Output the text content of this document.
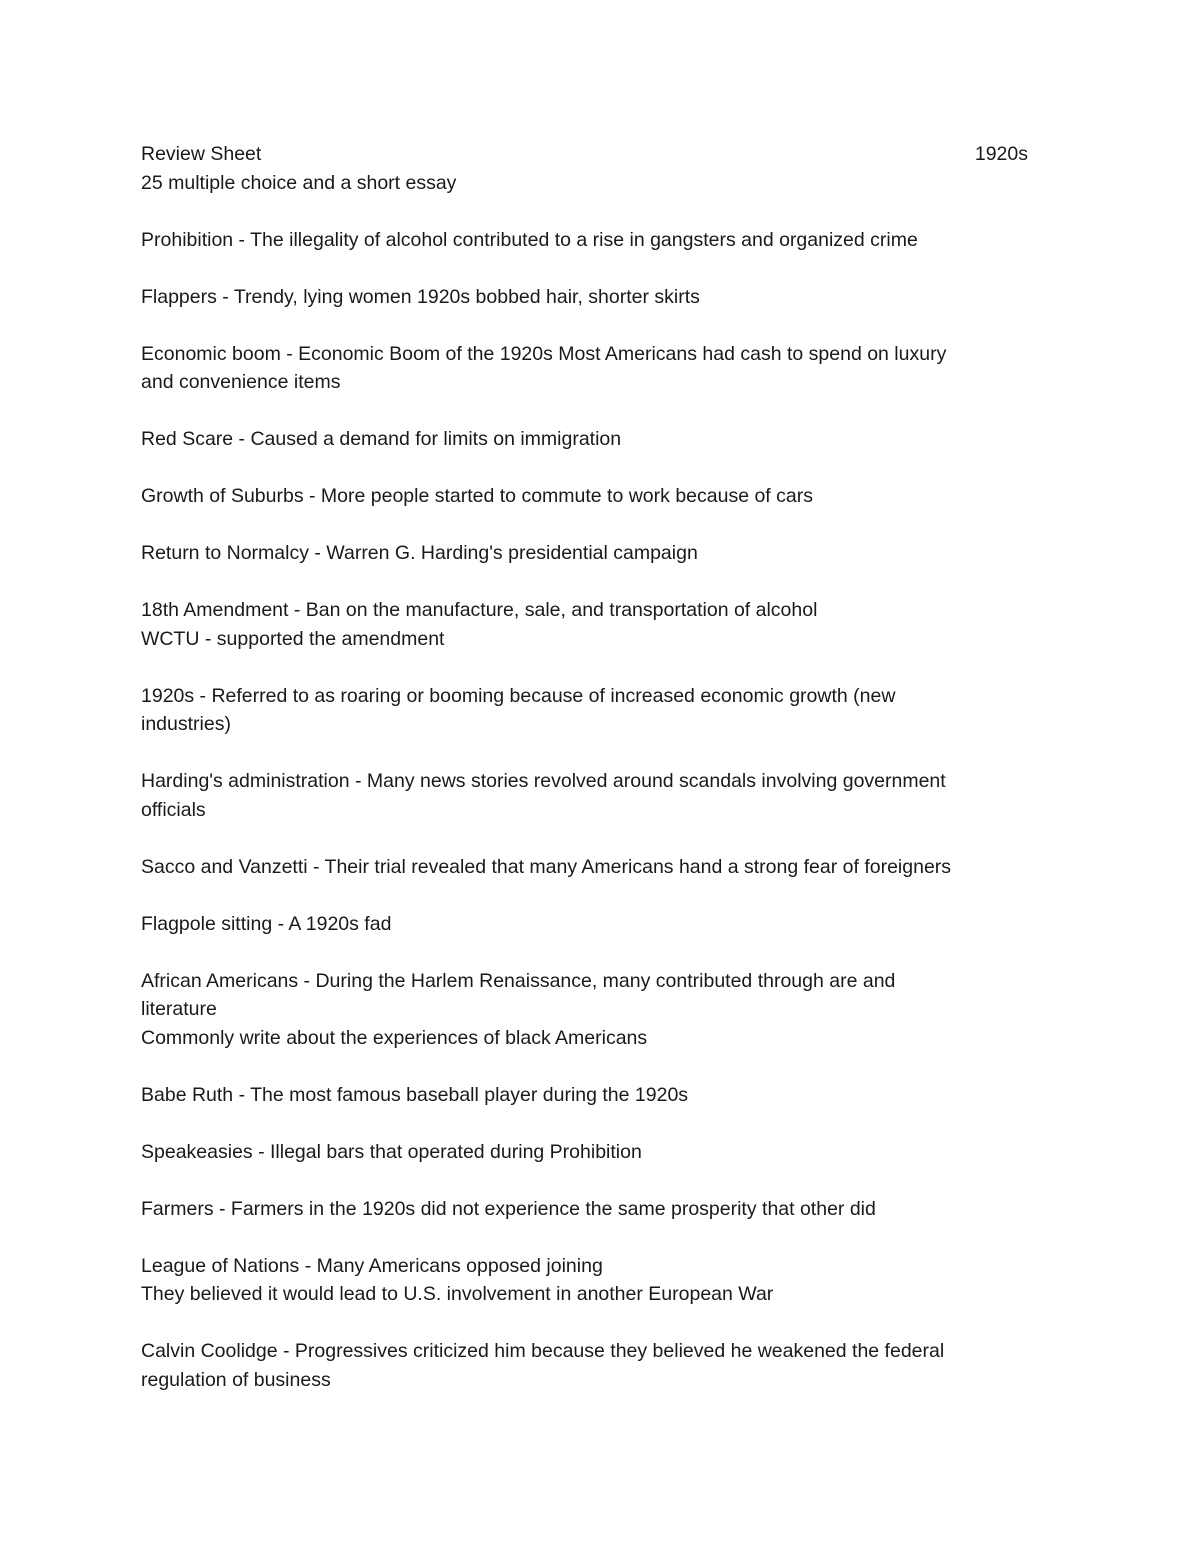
Review Sheet	1920s
25 multiple choice and a short essay
Prohibition - The illegality of alcohol contributed to a rise in gangsters and organized crime
Flappers - Trendy, lying women 1920s bobbed hair, shorter skirts
Economic boom - Economic Boom of the 1920s Most Americans had cash to spend on luxury
and convenience items
Red Scare - Caused a demand for limits on immigration
Growth of Suburbs - More people started to commute to work because of cars
Return to Normalcy - Warren G. Harding's presidential campaign
18th Amendment - Ban on the manufacture, sale, and transportation of alcohol
WCTU - supported the amendment
1920s - Referred to as roaring or booming because of increased economic growth (new
industries)
Harding's administration - Many news stories revolved around scandals involving government
officials
Sacco and Vanzetti - Their trial revealed that many Americans hand a strong fear of foreigners
Flagpole sitting - A 1920s fad
African Americans - During the Harlem Renaissance, many contributed through are and
literature
Commonly write about the experiences of black Americans
Babe Ruth - The most famous baseball player during the 1920s
Speakeasies - Illegal bars that operated during Prohibition
Farmers - Farmers in the 1920s did not experience the same prosperity that other did
League of Nations - Many Americans opposed joining
They believed it would lead to U.S. involvement in another European War
Calvin Coolidge - Progressives criticized him because they believed he weakened the federal
regulation of business
